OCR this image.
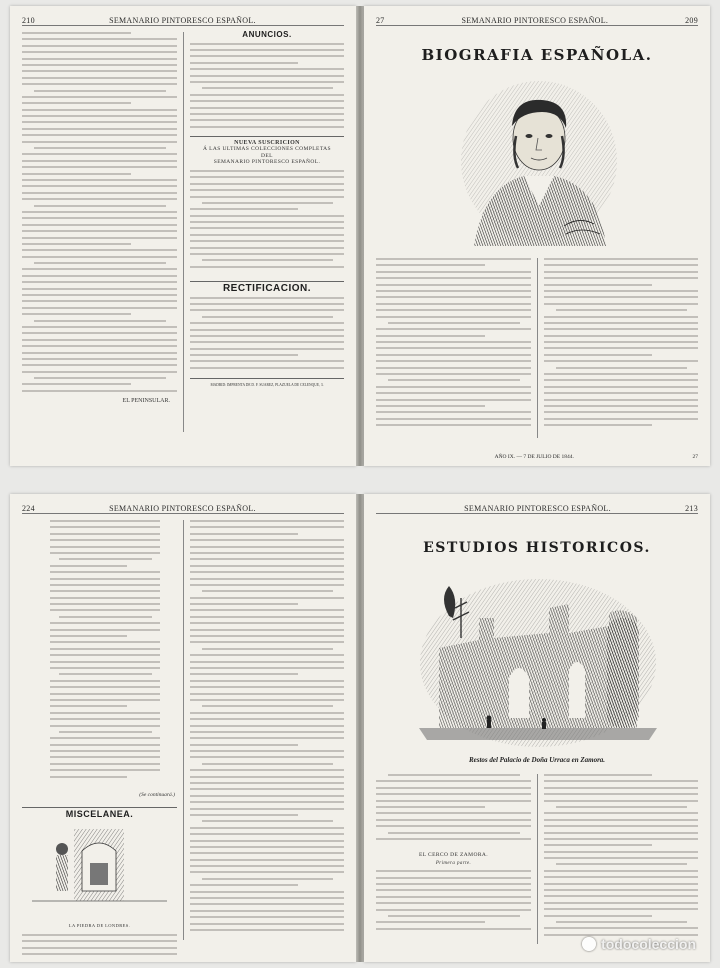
210	SEMANARIO PINTORESCO ESPAÑOL.
EL PENINSULAR.
ANUNCIOS.
NUEVA SUSCRICION
Á LAS ULTIMAS COLECCIONES COMPLETAS
DEL
SEMANARIO PINTORESCO ESPAÑOL.
RECTIFICACION.
MADRID: IMPRENTA DE D. F. SUAREZ, PLAZUELA DE CELENQUE, 3.
27	SEMANARIO PINTORESCO ESPAÑOL.	209
BIOGRAFIA ESPAÑOLA.
AÑO IX. — 7 DE JULIO DE 1844.	27
224	SEMANARIO PINTORESCO ESPAÑOL.
(Se continuará.)
MISCELANEA.
LA PIEDRA DE LONDRES.
SEMANARIO PINTORESCO ESPAÑOL.	213
ESTUDIOS HISTORICOS.
Restos del Palacio de Doña Urraca en Zamora.
EL CERCO DE ZAMORA.
Primera parte.
todocoleccion
